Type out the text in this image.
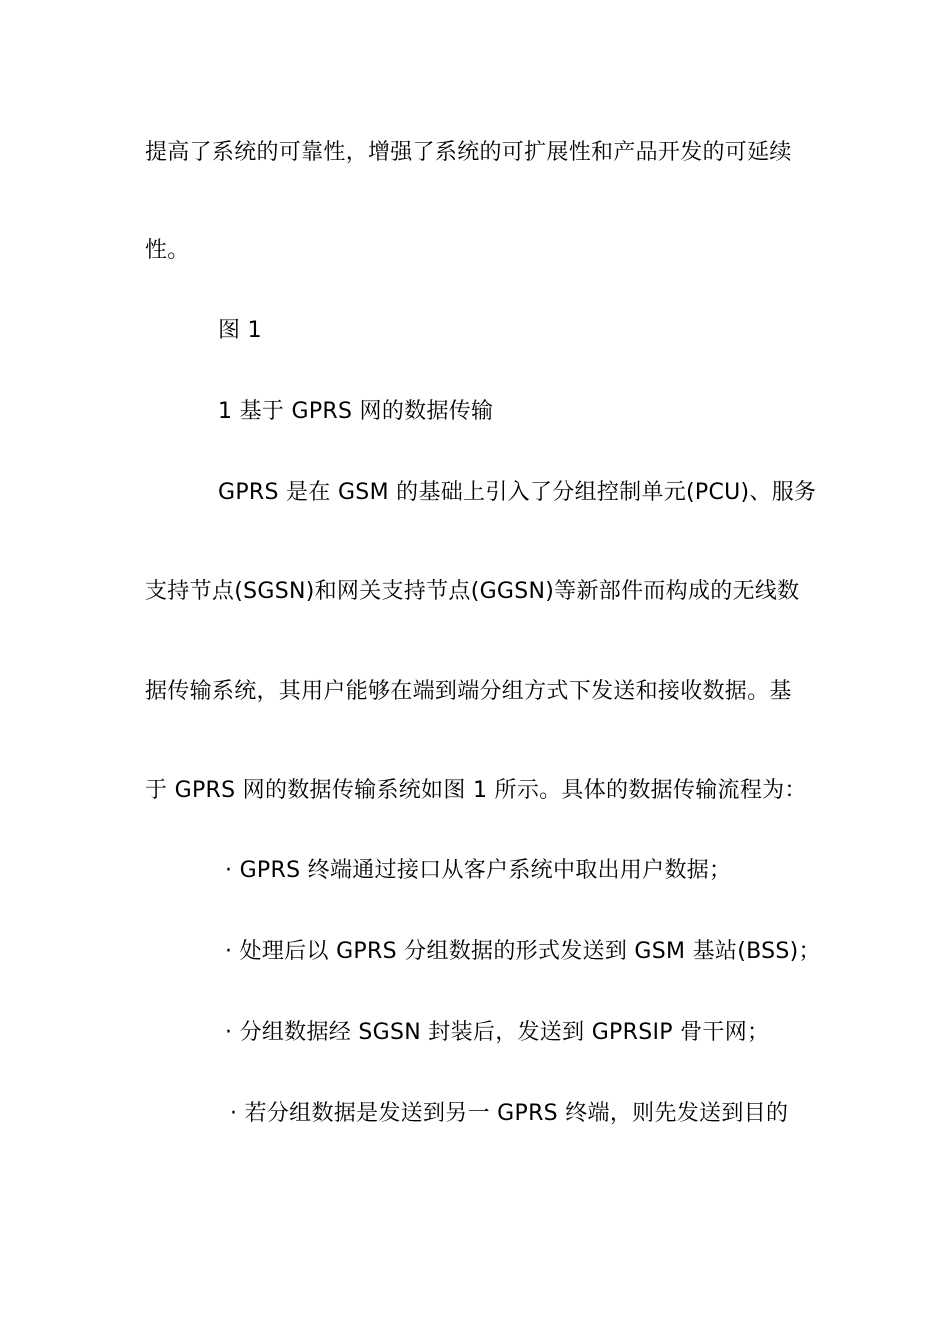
提高了系统的可靠性，增强了系统的可扩展性和产品开发的可延续
性。
图 1
1 基于 GPRS 网的数据传输
GPRS 是在 GSM 的基础上引入了分组控制单元(PCU)、服务
支持节点(SGSN)和网关支持节点(GGSN)等新部件而构成的无线数
据传输系统，其用户能够在端到端分组方式下发送和接收数据。基
于 GPRS 网的数据传输系统如图 1 所示。具体的数据传输流程为：
· GPRS 终端通过接口从客户系统中取出用户数据；
· 处理后以 GPRS 分组数据的形式发送到 GSM 基站(BSS)；
· 分组数据经 SGSN 封装后，发送到 GPRSIP 骨干网；
· 若分组数据是发送到另一 GPRS 终端，则先发送到目的
